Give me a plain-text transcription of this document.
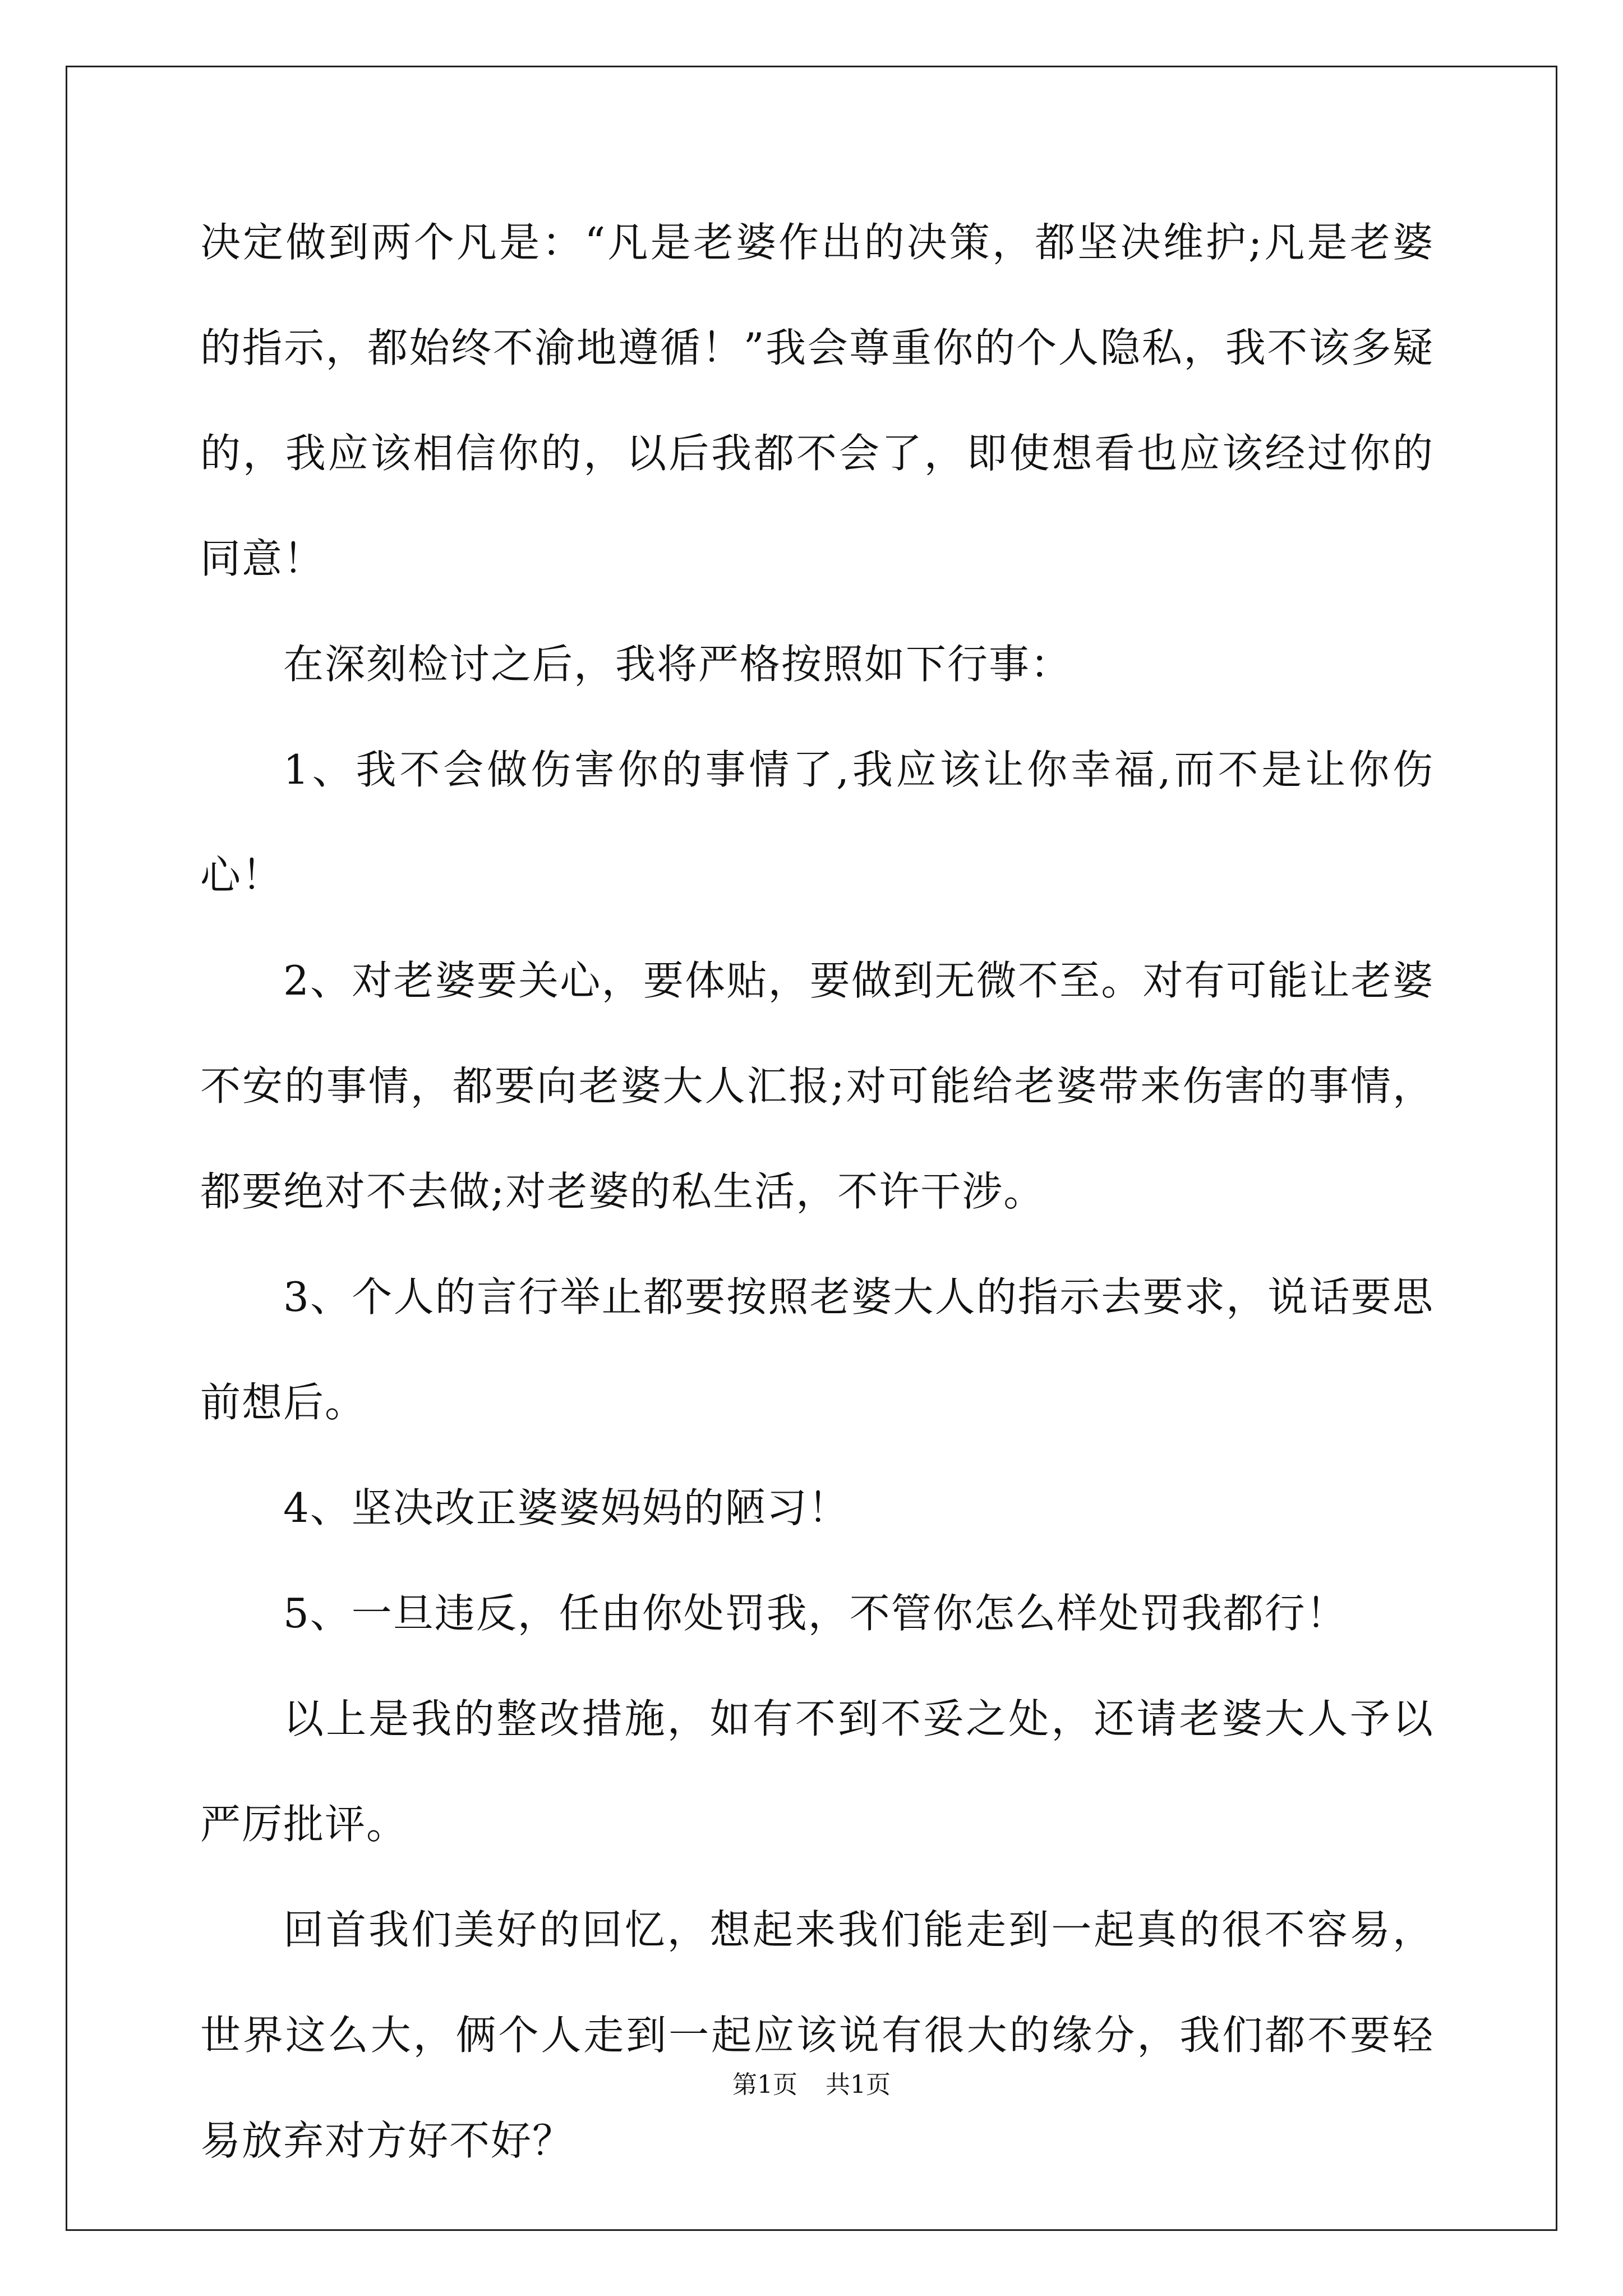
决定做到两个凡是：“凡是老婆作出的决策，都坚决维护;凡是老婆的指示，都始终不渝地遵循！”我会尊重你的个人隐私，我不该多疑的，我应该相信你的，以后我都不会了，即使想看也应该经过你的同意！

在深刻检讨之后，我将严格按照如下行事：

1、我不会做伤害你的事情了,我应该让你幸福,而不是让你伤心！

2、对老婆要关心，要体贴，要做到无微不至。对有可能让老婆不安的事情，都要向老婆大人汇报;对可能给老婆带来伤害的事情，都要绝对不去做;对老婆的私生活，不许干涉。

3、个人的言行举止都要按照老婆大人的指示去要求，说话要思前想后。

4、坚决改正婆婆妈妈的陋习！

5、一旦违反，任由你处罚我，不管你怎么样处罚我都行！

以上是我的整改措施，如有不到不妥之处，还请老婆大人予以严厉批评。

回首我们美好的回忆，想起来我们能走到一起真的很不容易，世界这么大，俩个人走到一起应该说有很大的缘分，我们都不要轻易放弃对方好不好？

第1页 共1页
